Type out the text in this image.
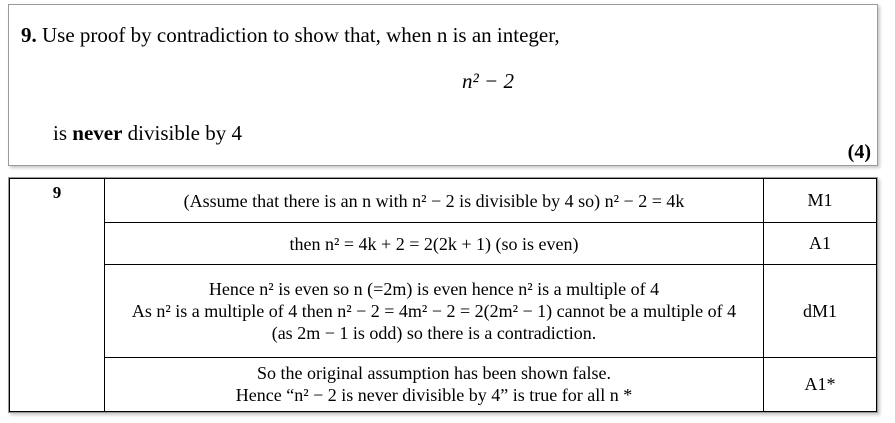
9. Use proof by contradiction to show that, when n is an integer,
n² − 2
is never divisible by 4
(4)
9	(Assume that there is an n with n² − 2 is divisible by 4 so) n² − 2 = 4k	M1

	then n² = 4k + 2 = 2(2k + 1) (so is even)	A1

	Hence n² is even so n (=2m) is even hence n² is a multiple of 4
As n² is a multiple of 4 then n² − 2 = 4m² − 2 = 2(2m² − 1) cannot be a multiple of 4
(as 2m − 1 is odd) so there is a contradiction.	dM1

	So the original assumption has been shown false.
Hence “n² − 2 is never divisible by 4” is true for all n *	A1*
